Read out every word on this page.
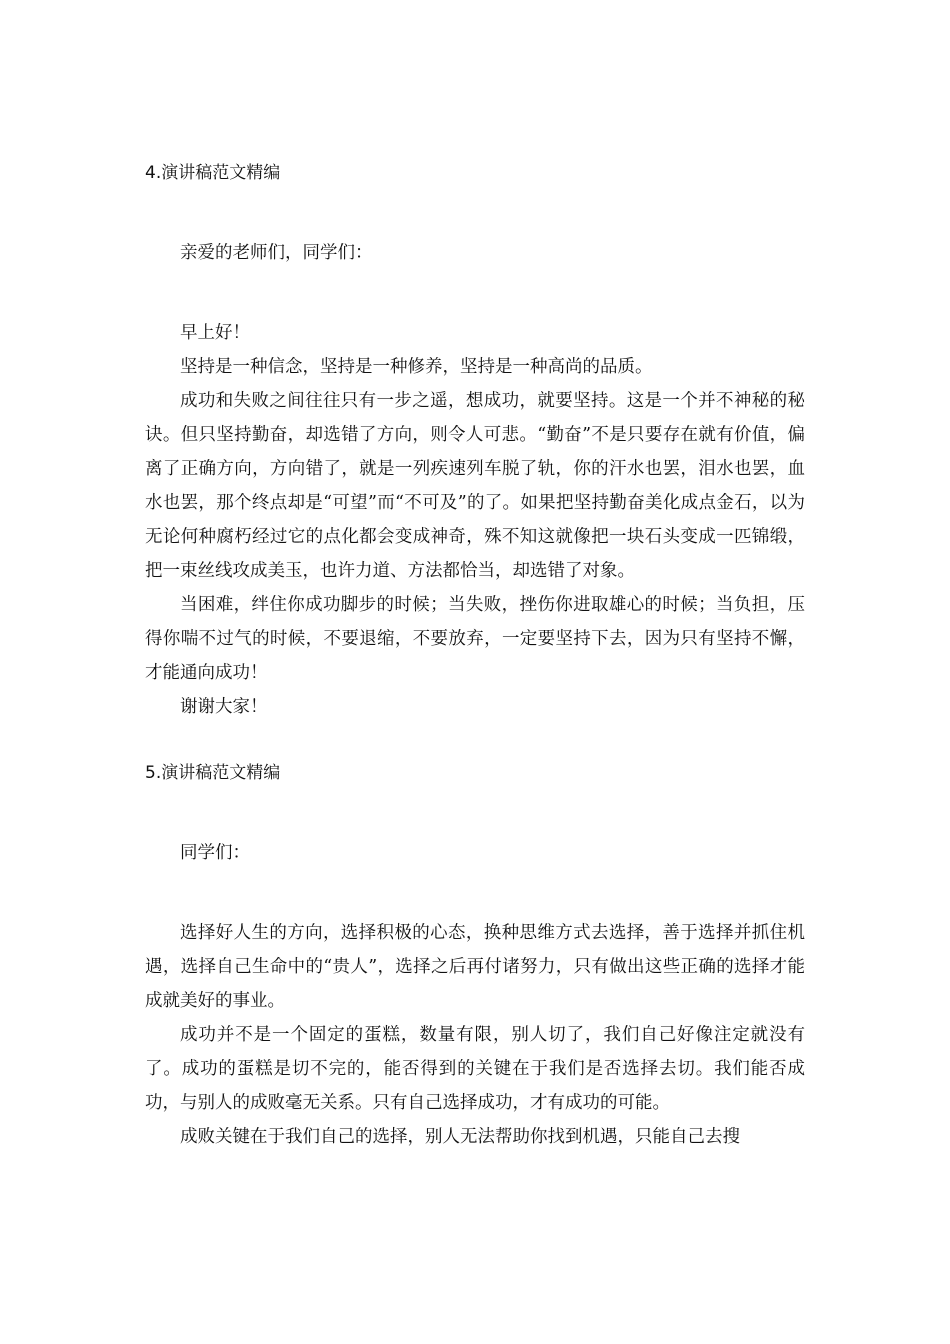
4.演讲稿范文精编

亲爱的老师们，同学们：

早上好！

坚持是一种信念，坚持是一种修养，坚持是一种高尚的品质。

成功和失败之间往往只有一步之遥，想成功，就要坚持。这是一个并不神秘的秘诀。但只坚持勤奋，却选错了方向，则令人可悲。“勤奋”不是只要存在就有价值，偏离了正确方向，方向错了，就是一列疾速列车脱了轨，你的汗水也罢，泪水也罢，血水也罢，那个终点却是“可望”而“不可及”的了。如果把坚持勤奋美化成点金石，以为无论何种腐朽经过它的点化都会变成神奇，殊不知这就像把一块石头变成一匹锦缎，把一束丝线攻成美玉，也许力道、方法都恰当，却选错了对象。

当困难，绊住你成功脚步的时候；当失败，挫伤你进取雄心的时候；当负担，压得你喘不过气的时候，不要退缩，不要放弃，一定要坚持下去，因为只有坚持不懈，才能通向成功！

谢谢大家！

5.演讲稿范文精编

同学们：

选择好人生的方向，选择积极的心态，换种思维方式去选择，善于选择并抓住机遇，选择自己生命中的“贵人”，选择之后再付诸努力，只有做出这些正确的选择才能成就美好的事业。

成功并不是一个固定的蛋糕，数量有限，别人切了，我们自己好像注定就没有了。成功的蛋糕是切不完的，能否得到的关键在于我们是否选择去切。我们能否成功，与别人的成败毫无关系。只有自己选择成功，才有成功的可能。

成败关键在于我们自己的选择，别人无法帮助你找到机遇，只能自己去搜
